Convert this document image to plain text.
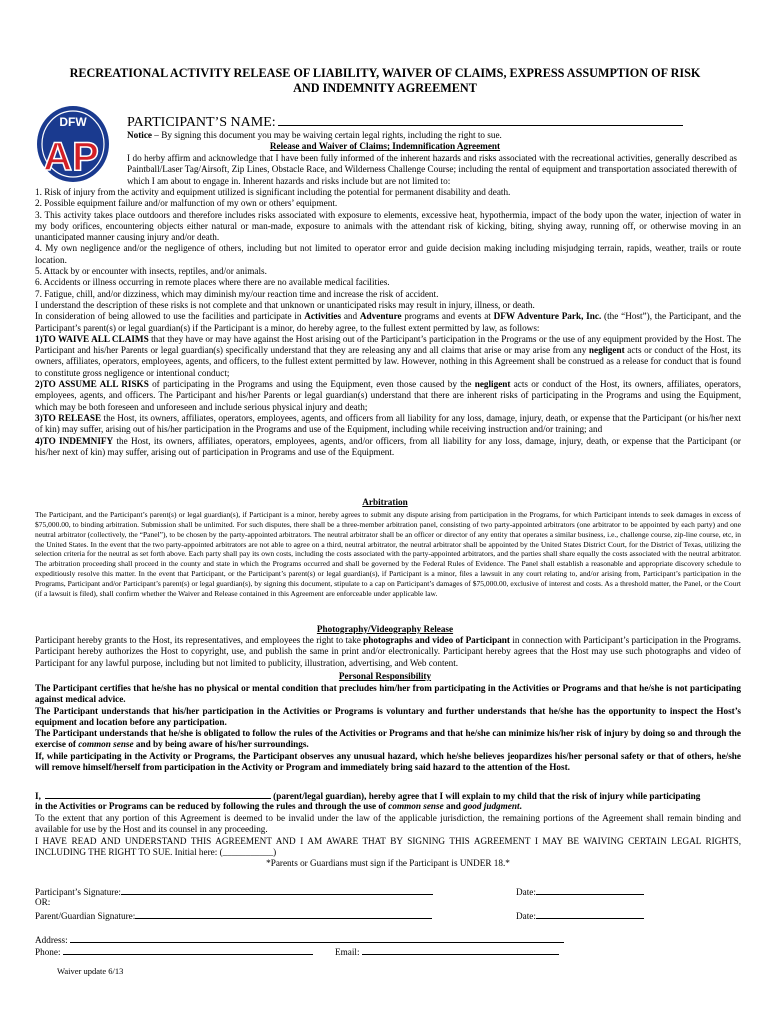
RECREATIONAL ACTIVITY RELEASE OF LIABILITY, WAIVER OF CLAIMS, EXPRESS ASSUMPTION OF RISK
AND INDEMNITY AGREEMENT
DFW
AP
PARTICIPANT’S NAME:
Notice – By signing this document you may be waiving certain legal rights, including the right to sue.
Release and Waiver of Claims; Indemnification Agreement
I do herby affirm and acknowledge that I have been fully informed of the inherent hazards and risks associated with the recreational activities, generally described as Paintball/Laser Tag/Airsoft, Zip Lines, Obstacle Race, and Wilderness Challenge Course; including the rental of equipment and transportation associated therewith of which I am about to engage in. Inherent hazards and risks include but are not limited to:

1. Risk of injury from the activity and equipment utilized is significant including the potential for permanent disability and death.

2. Possible equipment failure and/or malfunction of my own or others’ equipment.

3. This activity takes place outdoors and therefore includes risks associated with exposure to elements, excessive heat, hypothermia, impact of the body upon the water, injection of water in my body orifices, encountering objects either natural or man-made, exposure to animals with the attendant risk of kicking, biting, shying away, running off, or otherwise moving in an unanticipated manner causing injury and/or death.

4. My own negligence and/or the negligence of others, including but not limited to operator error and guide decision making including misjudging terrain, rapids, weather, trails or route location.

5. Attack by or encounter with insects, reptiles, and/or animals.

6. Accidents or illness occurring in remote places where there are no available medical facilities.

7. Fatigue, chill, and/or dizziness, which may diminish my/our reaction time and increase the risk of accident.

I understand the description of these risks is not complete and that unknown or unanticipated risks may result in injury, illness, or death.

In consideration of being allowed to use the facilities and participate in Activities and Adventure programs and events at DFW Adventure Park, Inc. (the “Host”), the Participant, and the Participant’s parent(s) or legal guardian(s) if the Participant is a minor, do hereby agree, to the fullest extent permitted by law, as follows:

1)TO WAIVE ALL CLAIMS that they have or may have against the Host arising out of the Participant’s participation in the Programs or the use of any equipment provided by the Host. The Participant and his/her Parents or legal guardian(s) specifically understand that they are releasing any and all claims that arise or may arise from any negligent acts or conduct of the Host, its owners, affiliates, operators, employees, agents, and officers, to the fullest extent permitted by law. However, nothing in this Agreement shall be construed as a release for conduct that is found to constitute gross negligence or intentional conduct;

2)TO ASSUME ALL RISKS of participating in the Programs and using the Equipment, even those caused by the negligent acts or conduct of the Host, its owners, affiliates, operators, employees, agents, and officers. The Participant and his/her Parents or legal guardian(s) understand that there are inherent risks of participating in the Programs and using the Equipment, which may be both foreseen and unforeseen and include serious physical injury and death;

3)TO RELEASE the Host, its owners, affiliates, operators, employees, agents, and officers from all liability for any loss, damage, injury, death, or expense that the Participant (or his/her next of kin) may suffer, arising out of his/her participation in the Programs and use of the Equipment, including while receiving instruction and/or training; and

4)TO INDEMNIFY the Host, its owners, affiliates, operators, employees, agents, and/or officers, from all liability for any loss, damage, injury, death, or expense that the Participant (or his/her next of kin) may suffer, arising out of participation in Programs and use of the Equipment.

Arbitration

The Participant, and the Participant’s parent(s) or legal guardian(s), if Participant is a minor, hereby agrees to submit any dispute arising from participation in the Programs, for which Participant intends to seek damages in excess of $75,000.00, to binding arbitration. Submission shall be unlimited. For such disputes, there shall be a three-member arbitration panel, consisting of two party-appointed arbitrators (one arbitrator to be appointed by each party) and one neutral arbitrator (collectively, the “Panel”), to be chosen by the party-appointed arbitrators. The neutral arbitrator shall be an officer or director of any entity that operates a similar business, i.e., challenge course, zip-line course, etc, in the United States. In the event that the two party-appointed arbitrators are not able to agree on a third, neutral arbitrator, the neutral arbitrator shall be appointed by the United States District Court, for the District of Texas, utilizing the selection criteria for the neutral as set forth above. Each party shall pay its own costs, including the costs associated with the party-appointed arbitrators, and the parties shall share equally the costs associated with the neutral arbitrator. The arbitration proceeding shall proceed in the county and state in which the Programs occurred and shall be governed by the Federal Rules of Evidence. The Panel shall establish a reasonable and appropriate discovery schedule to expeditiously resolve this matter. In the event that Participant, or the Participant’s parent(s) or legal guardian(s), if Participant is a minor, files a lawsuit in any court relating to, and/or arising from, Participant’s participation in the Programs, Participant and/or Participant’s parent(s) or legal guardian(s), by signing this document, stipulate to a cap on Participant’s damages of $75,000.00, exclusive of interest and costs. As a threshold matter, the Panel, or the Court (if a lawsuit is filed), shall confirm whether the Waiver and Release contained in this Agreement are enforceable under applicable law.

Photography/Videography Release

Participant hereby grants to the Host, its representatives, and employees the right to take photographs and video of Participant in connection with Participant’s participation in the Programs. Participant hereby authorizes the Host to copyright, use, and publish the same in print and/or electronically. Participant hereby agrees that the Host may use such photographs and video of Participant for any lawful purpose, including but not limited to publicity, illustration, advertising, and Web content.

Personal Responsibility

The Participant certifies that he/she has no physical or mental condition that precludes him/her from participating in the Activities or Programs and that he/she is not participating against medical advice.

The Participant understands that his/her participation in the Activities or Programs is voluntary and further understands that he/she has the opportunity to inspect the Host’s equipment and location before any participation.

The Participant understands that he/she is obligated to follow the rules of the Activities or Programs and that he/she can minimize his/her risk of injury by doing so and through the exercise of common sense and by being aware of his/her surroundings.

If, while participating in the Activity or Programs, the Participant observes any unusual hazard, which he/she believes jeopardizes his/her personal safety or that of others, he/she will remove himself/herself from participation in the Activity or Program and immediately bring said hazard to the attention of the Host.

I,	(parent/legal guardian), hereby agree that I will explain to my child that the risk of injury while participating
in the Activities or Programs can be reduced by following the rules and through the use of common sense and good judgment.

To the extent that any portion of this Agreement is deemed to be invalid under the law of the applicable jurisdiction, the remaining portions of the Agreement shall remain binding and available for use by the Host and its counsel in any proceeding.

I HAVE READ AND UNDERSTAND THIS AGREEMENT AND I AM AWARE THAT BY SIGNING THIS AGREEMENT I MAY BE WAIVING CERTAIN LEGAL RIGHTS, INCLUDING THE RIGHT TO SUE. Initial here: (___________)

*Parents or Guardians must sign if the Participant is UNDER 18.*

Participant’s Signature:	Date:
OR:
Parent/Guardian Signature:	Date:
Address:
Phone:	Email:
Waiver update 6/13
